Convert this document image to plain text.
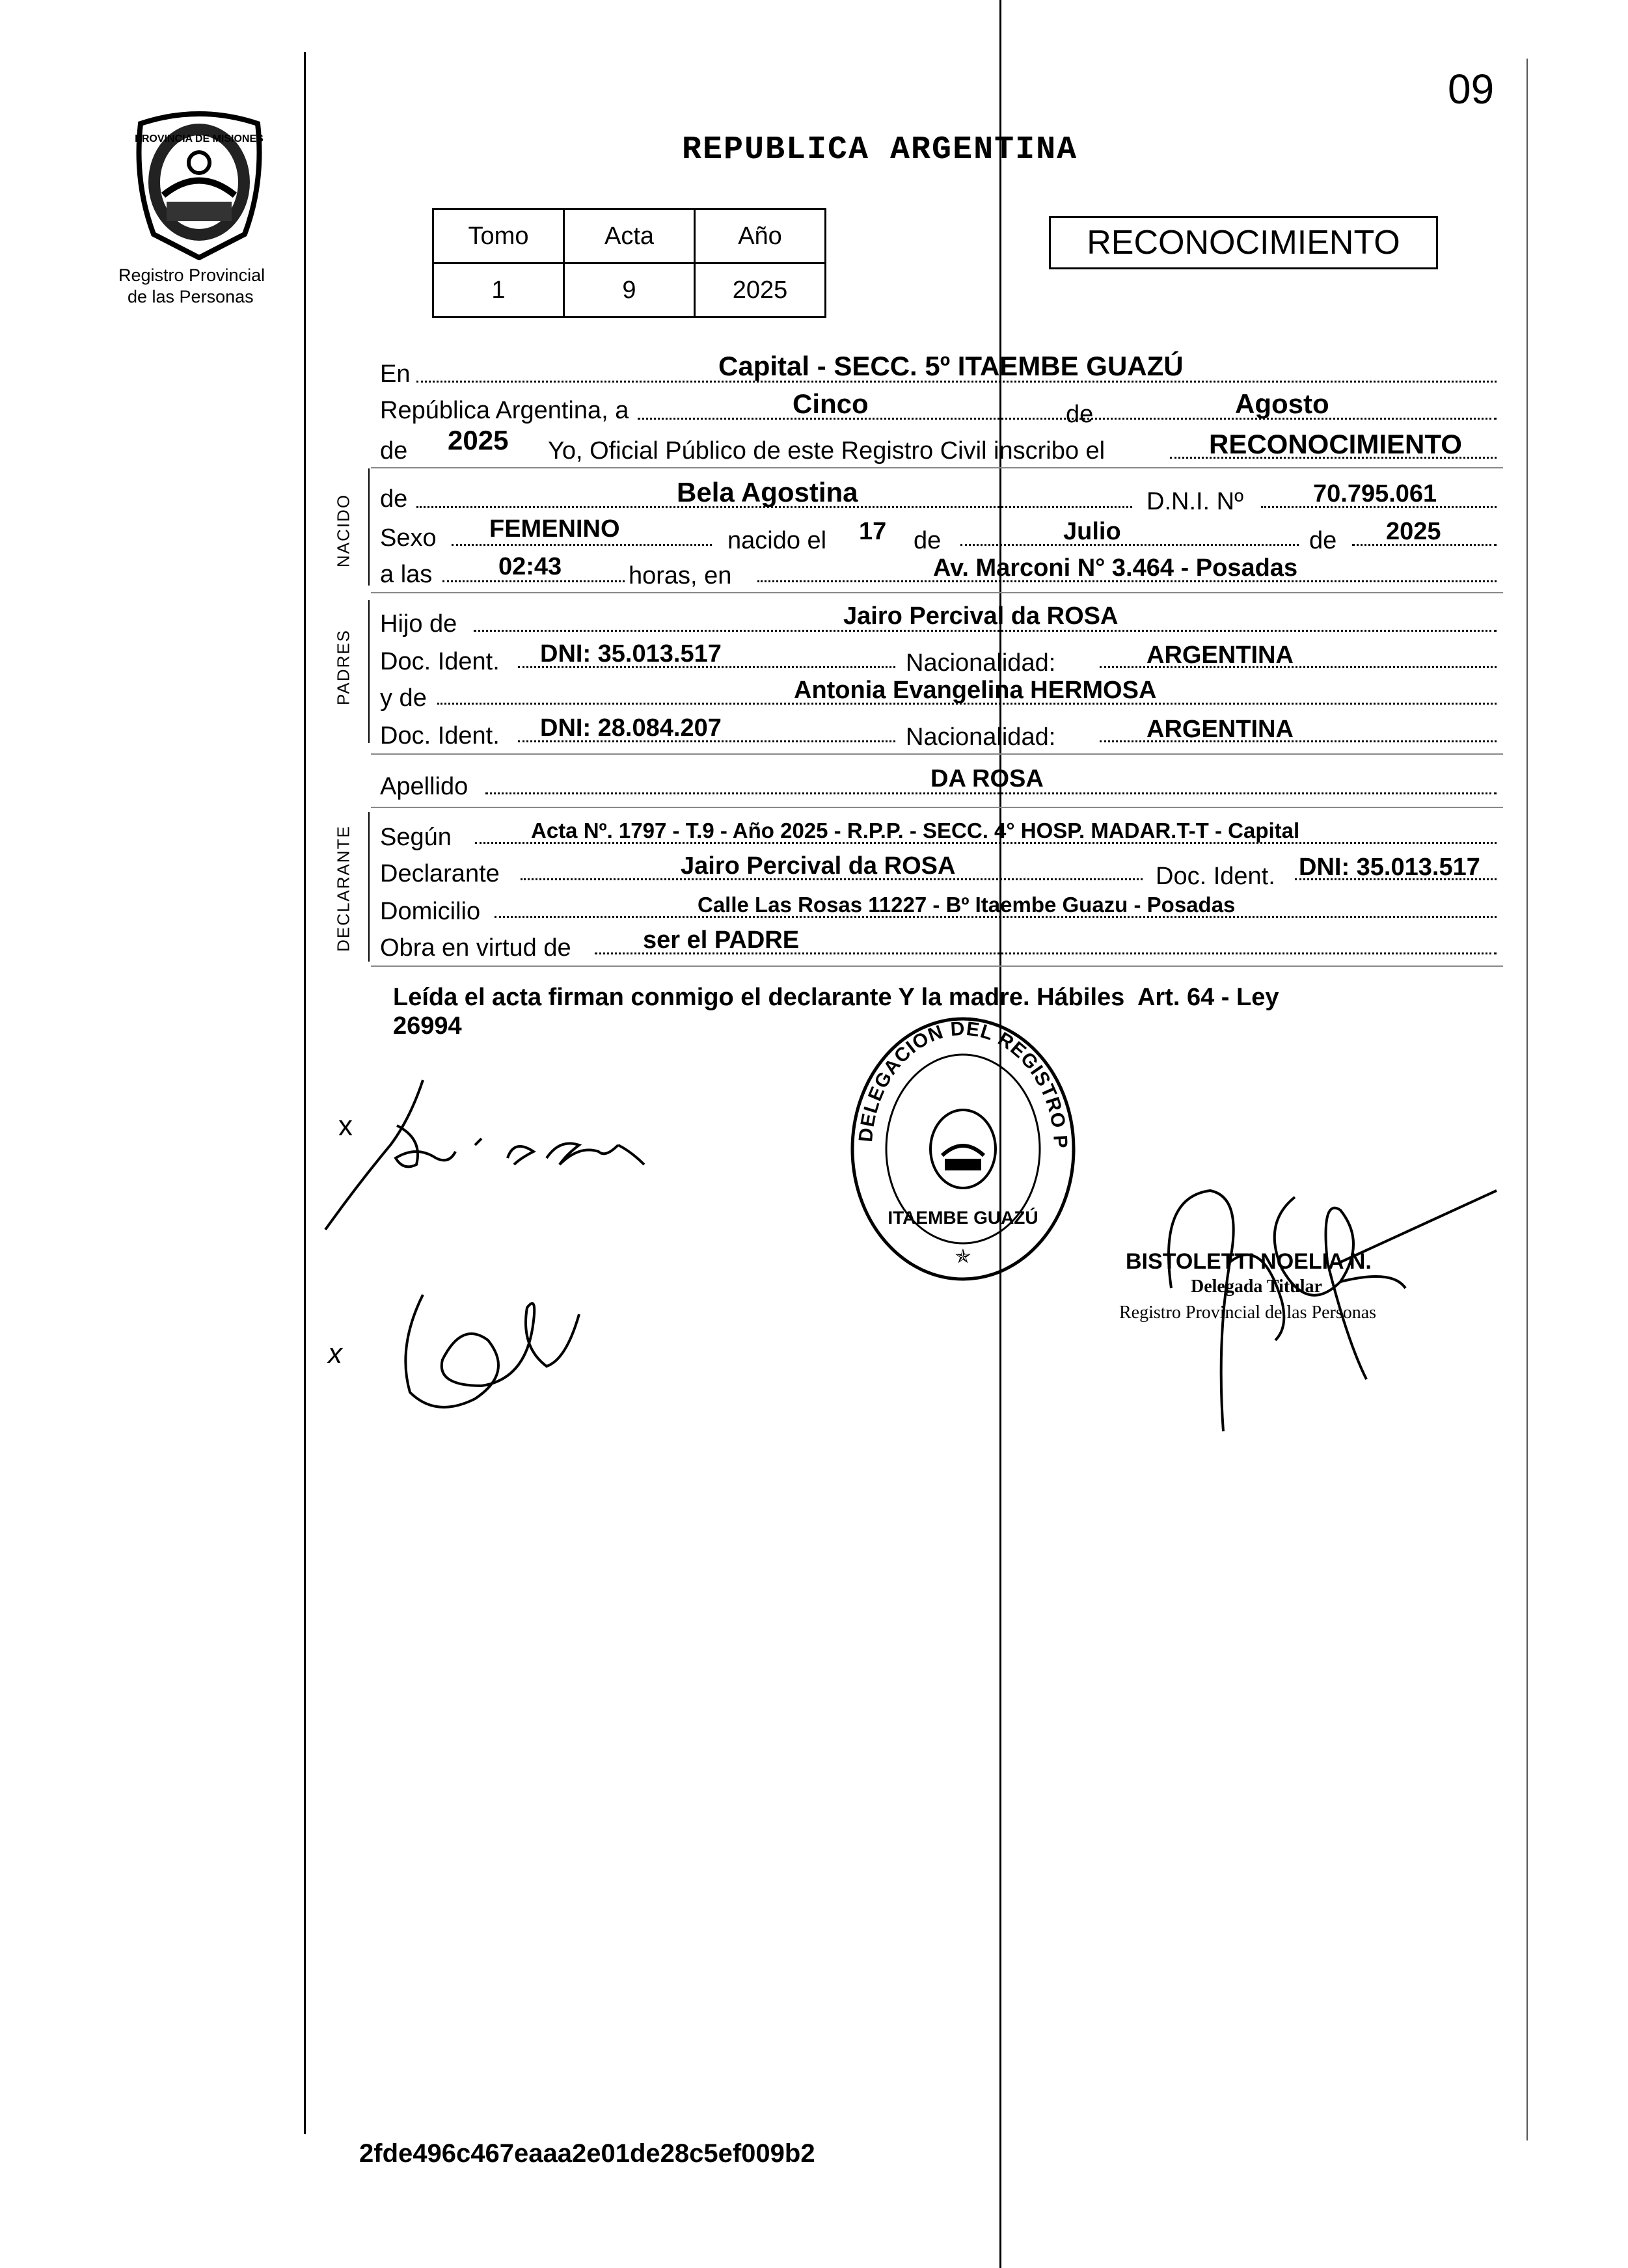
09
PROVINCIA DE MISIONES
Registro Provincial
de las Personas
REPUBLICA ARGENTINA
Tomo	Acta	Año
1	9	2025
RECONOCIMIENTO
NACIDO
PADRES
DECLARANTE
En	Capital - SECC. 5º ITAEMBE GUAZÚ
República Argentina, a	Cinco	de	Agosto
de 2025 Yo, Oficial Público de este Registro Civil inscribo el	RECONOCIMIENTO
de	Bela Agostina	D.N.I. Nº	70.795.061
Sexo FEMENINO	nacido el 17 de	Julio	de 2025
a las	02:43	horas, en	Av. Marconi N° 3.464 - Posadas
Hijo de	Jairo Percival da ROSA
Doc. Ident. DNI: 35.013.517	Nacionalidad:	ARGENTINA
y de	Antonia Evangelina HERMOSA
Doc. Ident. DNI: 28.084.207	Nacionalidad:	ARGENTINA
Apellido	DA ROSA
Según	Acta Nº. 1797 - T.9 - Año 2025 - R.P.P. - SECC. 4° HOSP. MADAR.T-T - Capital
Declarante	Jairo Percival da ROSA	Doc. Ident. DNI: 35.013.517
Domicilio	Calle Las Rosas 11227 - Bº Itaembe Guazu - Posadas
Obra en virtud de	ser el PADRE
Leída el acta firman conmigo el declarante Y la madre. Hábiles  Art. 64 - Ley
26994
x
x
DELEGACION DEL REGISTRO P
ITAEMBE GUAZÚ
✯	BISTOLETTI NOELIA N.
Delegada Titular
Registro Provincial de las Personas
2fde496c467eaaa2e01de28c5ef009b2
